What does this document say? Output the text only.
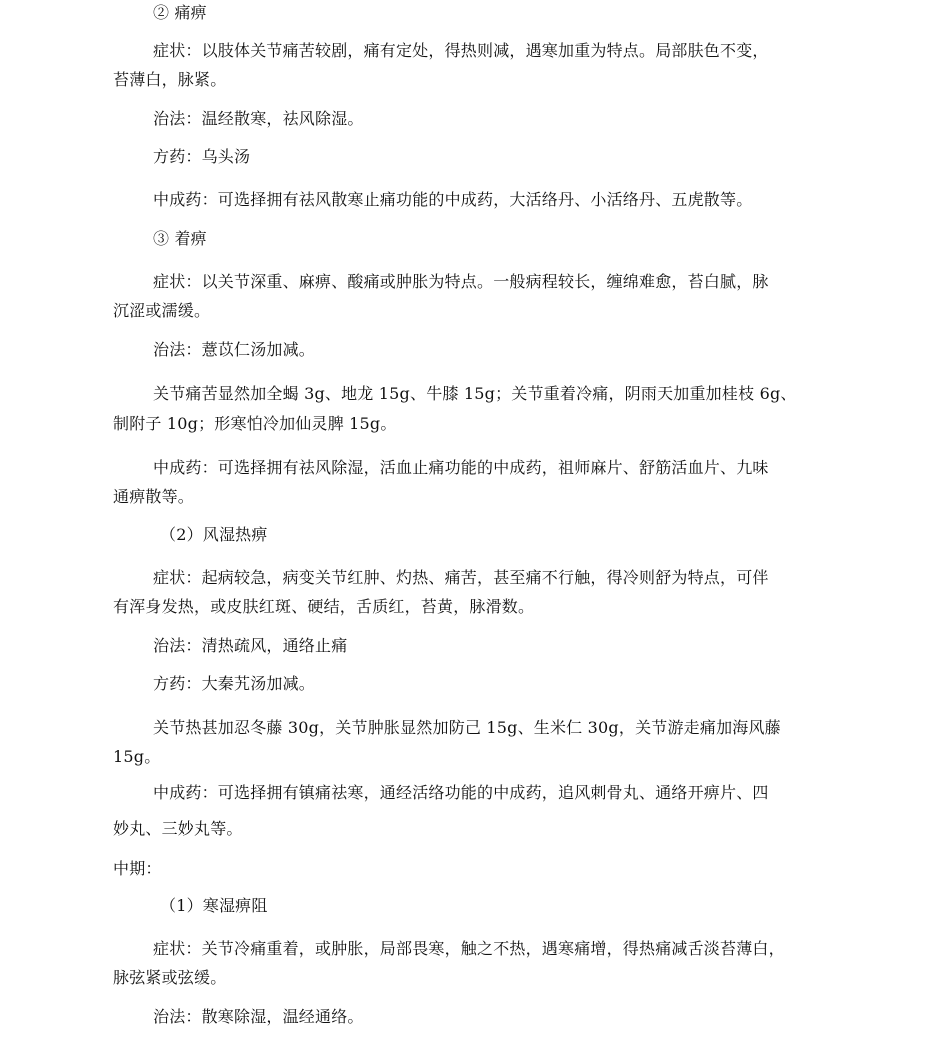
② 痛痹
症状：以肢体关节痛苦较剧，痛有定处，得热则减，遇寒加重为特点。局部肤色不变，
苔薄白，脉紧。
治法：温经散寒，祛风除湿。
方药：乌头汤
中成药：可选择拥有祛风散寒止痛功能的中成药，大活络丹、小活络丹、五虎散等。
③ 着痹
症状：以关节深重、麻痹、酸痛或肿胀为特点。一般病程较长，缠绵难愈，苔白腻，脉
沉涩或濡缓。
治法：薏苡仁汤加减。
关节痛苦显然加全蝎 3g、地龙 15g、牛膝 15g；关节重着冷痛，阴雨天加重加桂枝 6g、
制附子 10g；形寒怕冷加仙灵脾 15g。
中成药：可选择拥有祛风除湿，活血止痛功能的中成药，祖师麻片、舒筋活血片、九味
通痹散等。
（2）风湿热痹
症状：起病较急，病变关节红肿、灼热、痛苦，甚至痛不行触，得冷则舒为特点，可伴
有浑身发热，或皮肤红斑、硬结，舌质红，苔黄，脉滑数。
治法：清热疏风，通络止痛
方药：大秦艽汤加减。
关节热甚加忍冬藤 30g，关节肿胀显然加防己 15g、生米仁 30g，关节游走痛加海风藤
15g。
中成药：可选择拥有镇痛祛寒，通经活络功能的中成药，追风刺骨丸、通络开痹片、四
妙丸、三妙丸等。
中期：
（1）寒湿痹阻
症状：关节冷痛重着，或肿胀，局部畏寒，触之不热，遇寒痛增，得热痛减舌淡苔薄白，
脉弦紧或弦缓。
治法：散寒除湿，温经通络。
